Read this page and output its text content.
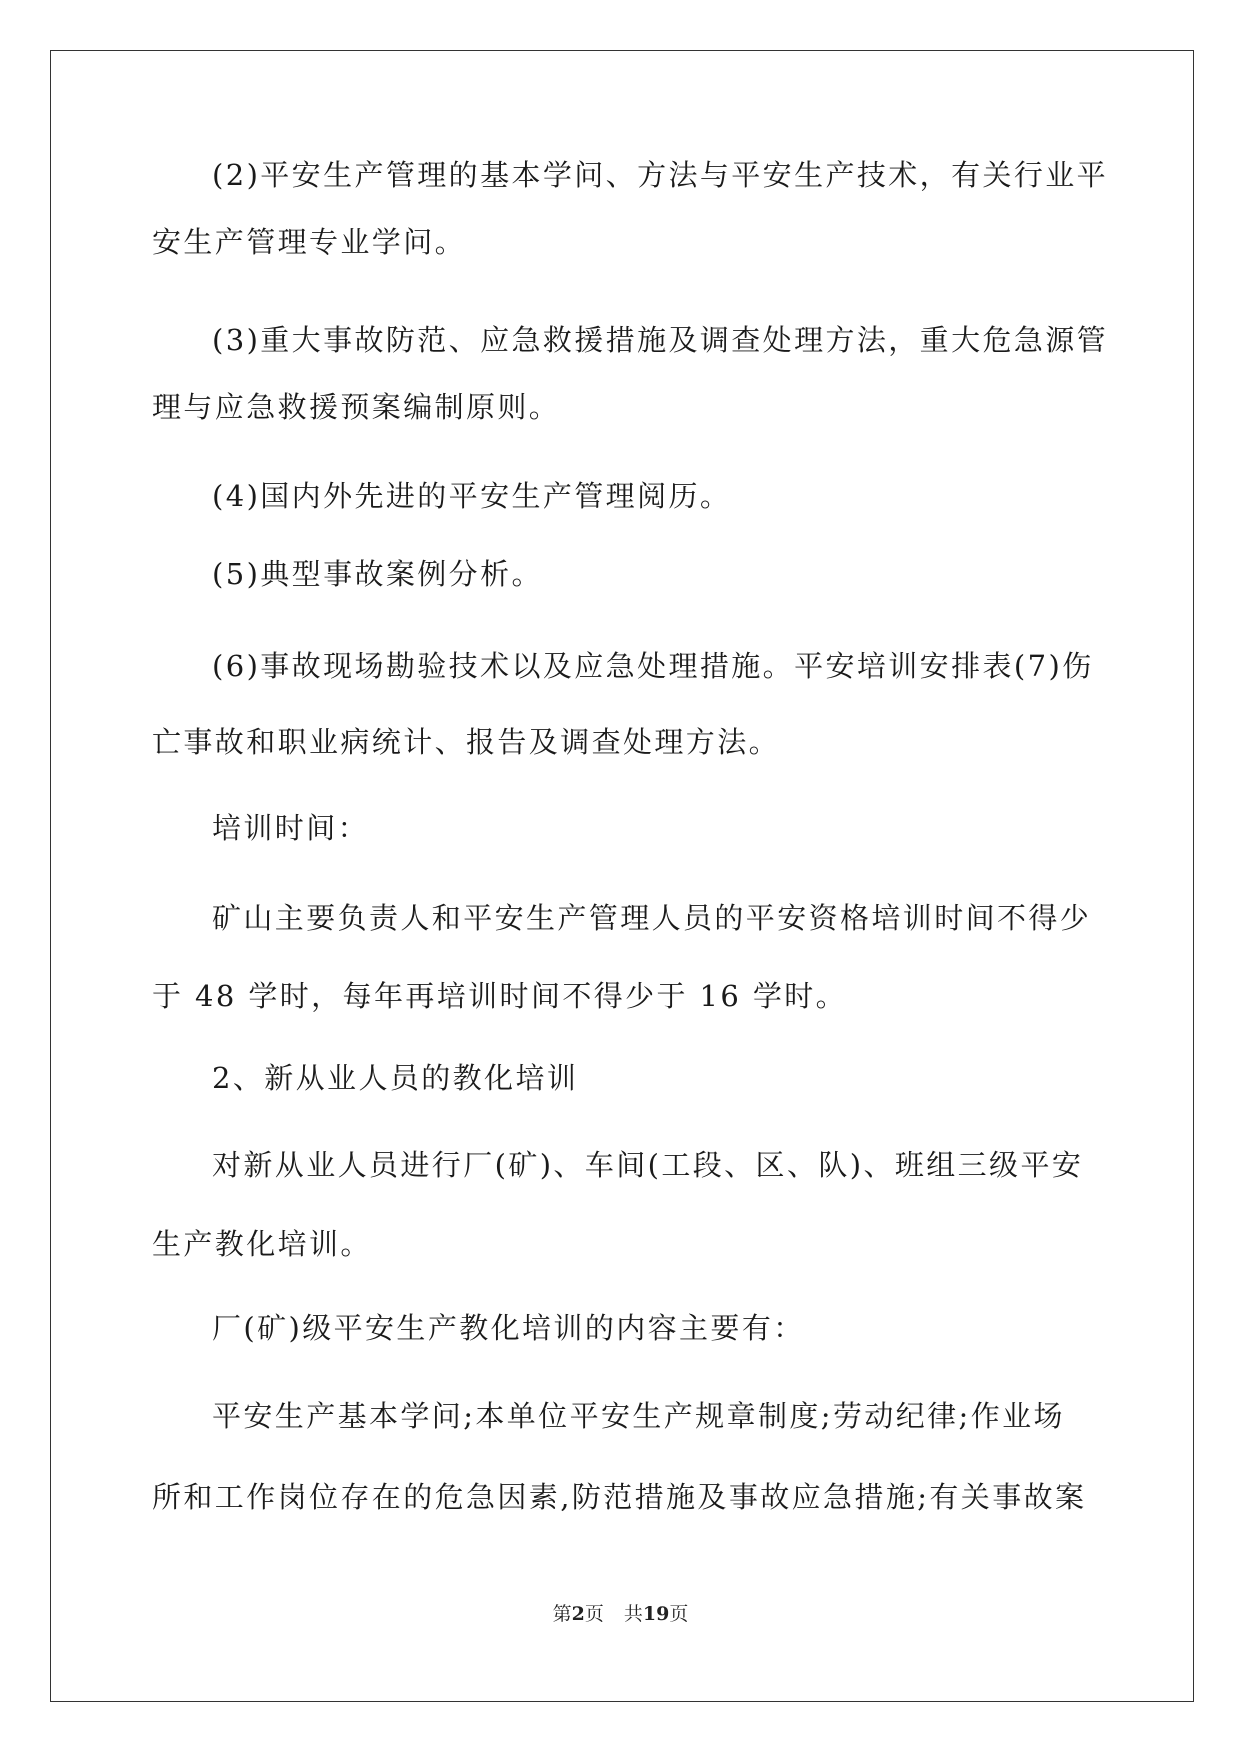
(2)平安生产管理的基本学问、方法与平安生产技术，有关行业平
安生产管理专业学问。
(3)重大事故防范、应急救援措施及调查处理方法，重大危急源管
理与应急救援预案编制原则。
(4)国内外先进的平安生产管理阅历。
(5)典型事故案例分析。
(6)事故现场勘验技术以及应急处理措施。平安培训安排表(7)伤
亡事故和职业病统计、报告及调查处理方法。
培训时间：
矿山主要负责人和平安生产管理人员的平安资格培训时间不得少
于 48 学时，每年再培训时间不得少于 16 学时。
2、新从业人员的教化培训
对新从业人员进行厂(矿)、车间(工段、区、队)、班组三级平安
生产教化培训。
厂(矿)级平安生产教化培训的内容主要有：
平安生产基本学问;本单位平安生产规章制度;劳动纪律;作业场
所和工作岗位存在的危急因素,防范措施及事故应急措施;有关事故案
第2页 共19页
